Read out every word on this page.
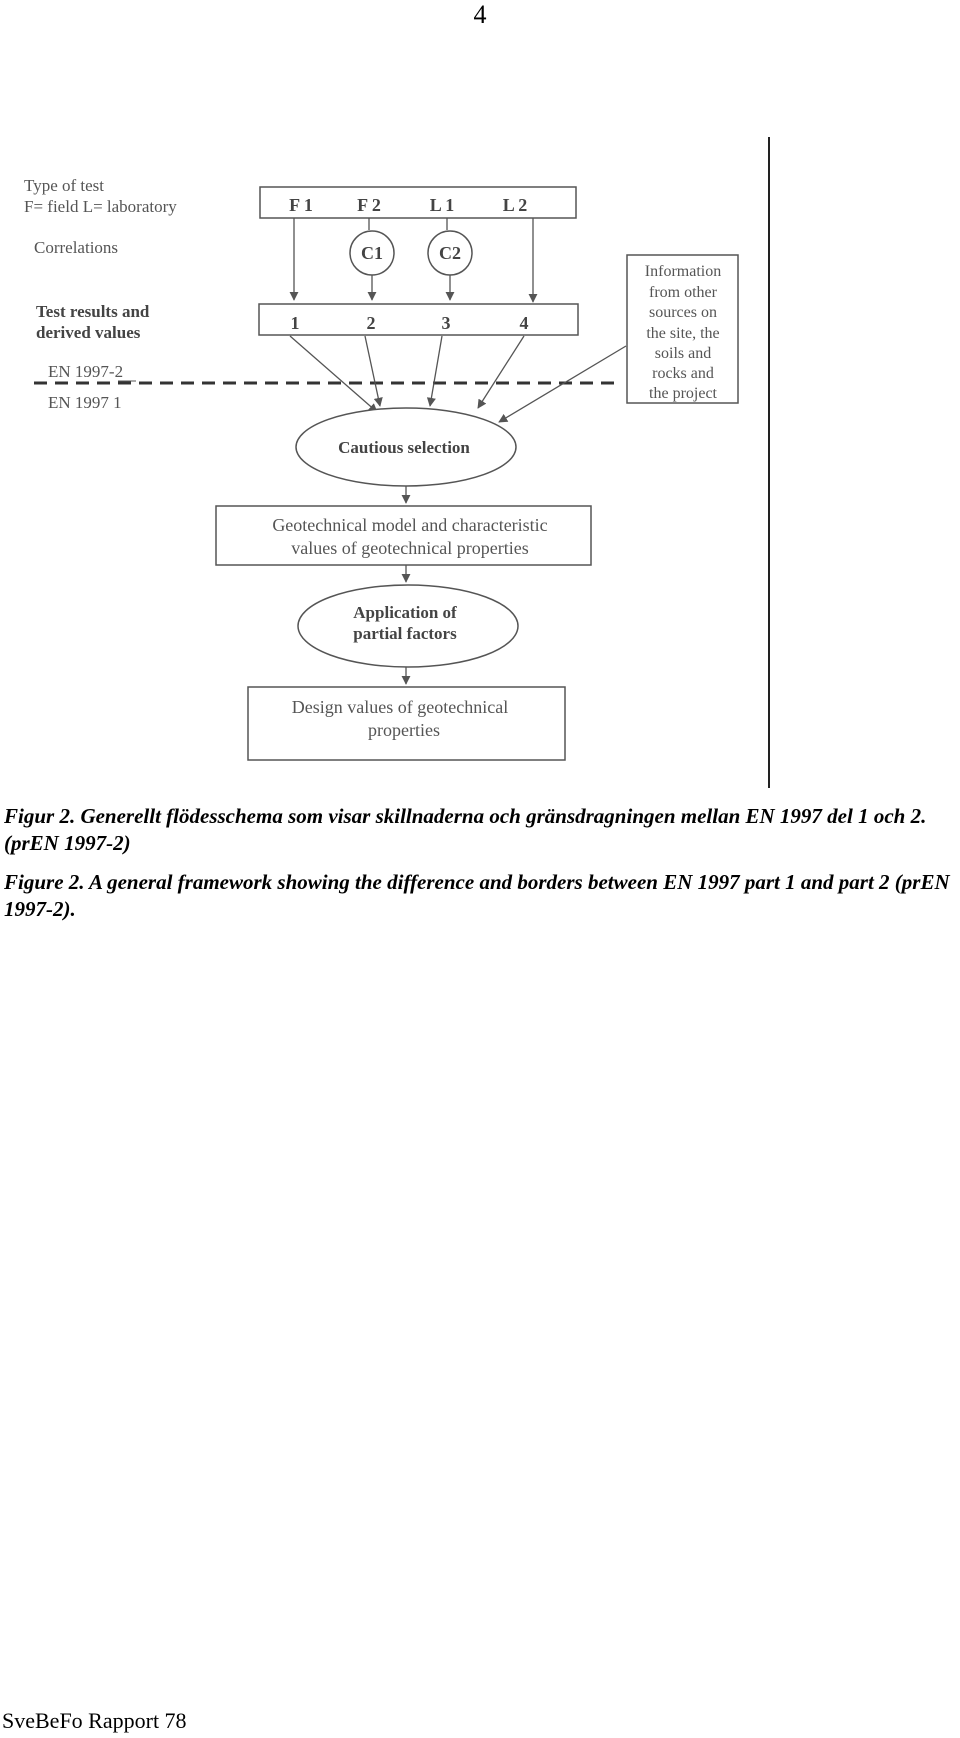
4
Type of test
F= field L= laboratory
Correlations
Test results and
derived values
EN 1997-2
EN 1997 1
F 1 F 2	L 1	L 2
C1	C2
1	2	3	4
Information
from other
sources on
the site, the
soils and
rocks and
the project
Cautious selection
Geotechnical model and characteristic
values of geotechnical properties
Application of
partial factors
Design values of geotechnical
properties
Figur 2. Generellt flödesschema som visar skillnaderna och gränsdragningen mellan EN 1997 del 1 och 2. (prEN 1997-2)
Figure 2. A general framework showing the difference and borders between EN 1997 part 1 and part 2 (prEN 1997-2).
SveBeFo Rapport 78
